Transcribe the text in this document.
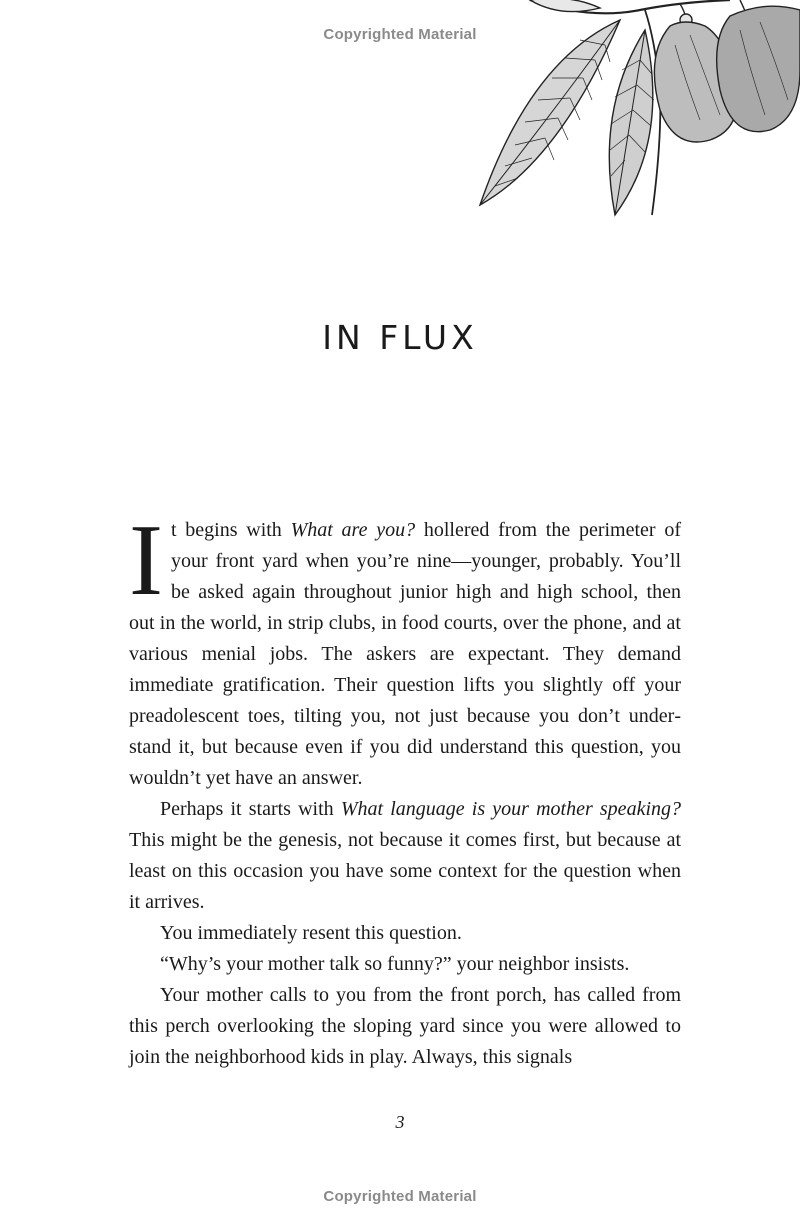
Copyrighted Material
IN FLUX

It begins with What are you? hollered from the perimeter of your front yard when you’re nine—younger, probably. You’ll be asked again throughout junior high and high school, then out in the world, in strip clubs, in food courts, over the phone, and at various menial jobs. The askers are expectant. They demand immediate gratification. Their question lifts you slightly off your preadolescent toes, tilting you, not just because you don’t understand it, but because even if you did understand this question, you wouldn’t yet have an answer.

Perhaps it starts with What language is your mother speaking? This might be the genesis, not because it comes first, but because at least on this occasion you have some context for the question when it arrives.

You immediately resent this question.

“Why’s your mother talk so funny?” your neighbor insists.

Your mother calls to you from the front porch, has called from this perch overlooking the sloping yard since you were allowed to join the neighborhood kids in play. Always, this signals

3
Copyrighted Material
